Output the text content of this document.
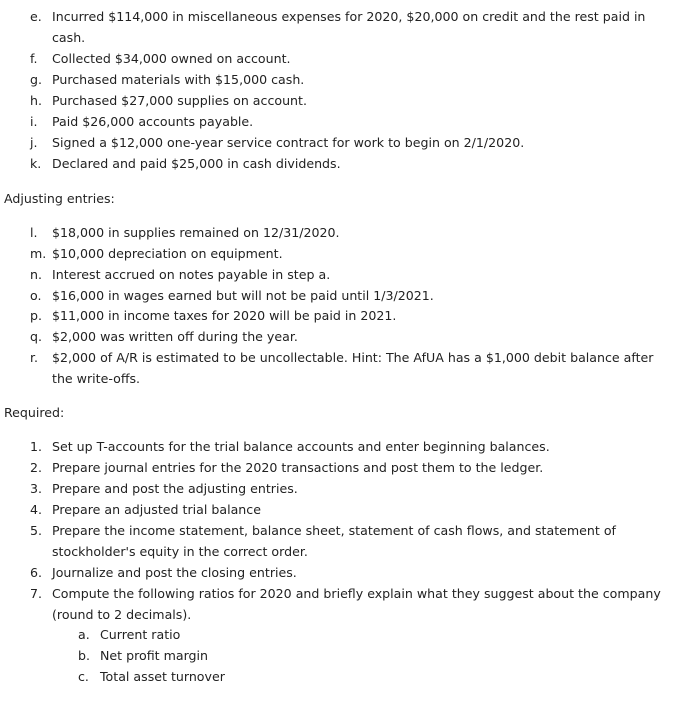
e. Incurred $114,000 in miscellaneous expenses for 2020, $20,000 on credit and the rest paid in
cash.
f. Collected $34,000 owned on account.
g. Purchased materials with $15,000 cash.
h. Purchased $27,000 supplies on account.
i. Paid $26,000 accounts payable.
j. Signed a $12,000 one-year service contract for work to begin on 2/1/2020.
k. Declared and paid $25,000 in cash dividends.
Adjusting entries:
l. $18,000 in supplies remained on 12/31/2020.
m. $10,000 depreciation on equipment.
n. Interest accrued on notes payable in step a.
o. $16,000 in wages earned but will not be paid until 1/3/2021.
p. $11,000 in income taxes for 2020 will be paid in 2021.
q. $2,000 was written off during the year.
r. $2,000 of A/R is estimated to be uncollectable. Hint: The AfUA has a $1,000 debit balance after
the write-offs.
Required:
1. Set up T-accounts for the trial balance accounts and enter beginning balances.
2. Prepare journal entries for the 2020 transactions and post them to the ledger.
3. Prepare and post the adjusting entries.
4. Prepare an adjusted trial balance
5. Prepare the income statement, balance sheet, statement of cash flows, and statement of
stockholder's equity in the correct order.
6. Journalize and post the closing entries.
7. Compute the following ratios for 2020 and briefly explain what they suggest about the company
(round to 2 decimals).
a. Current ratio
b. Net profit margin
c. Total asset turnover
